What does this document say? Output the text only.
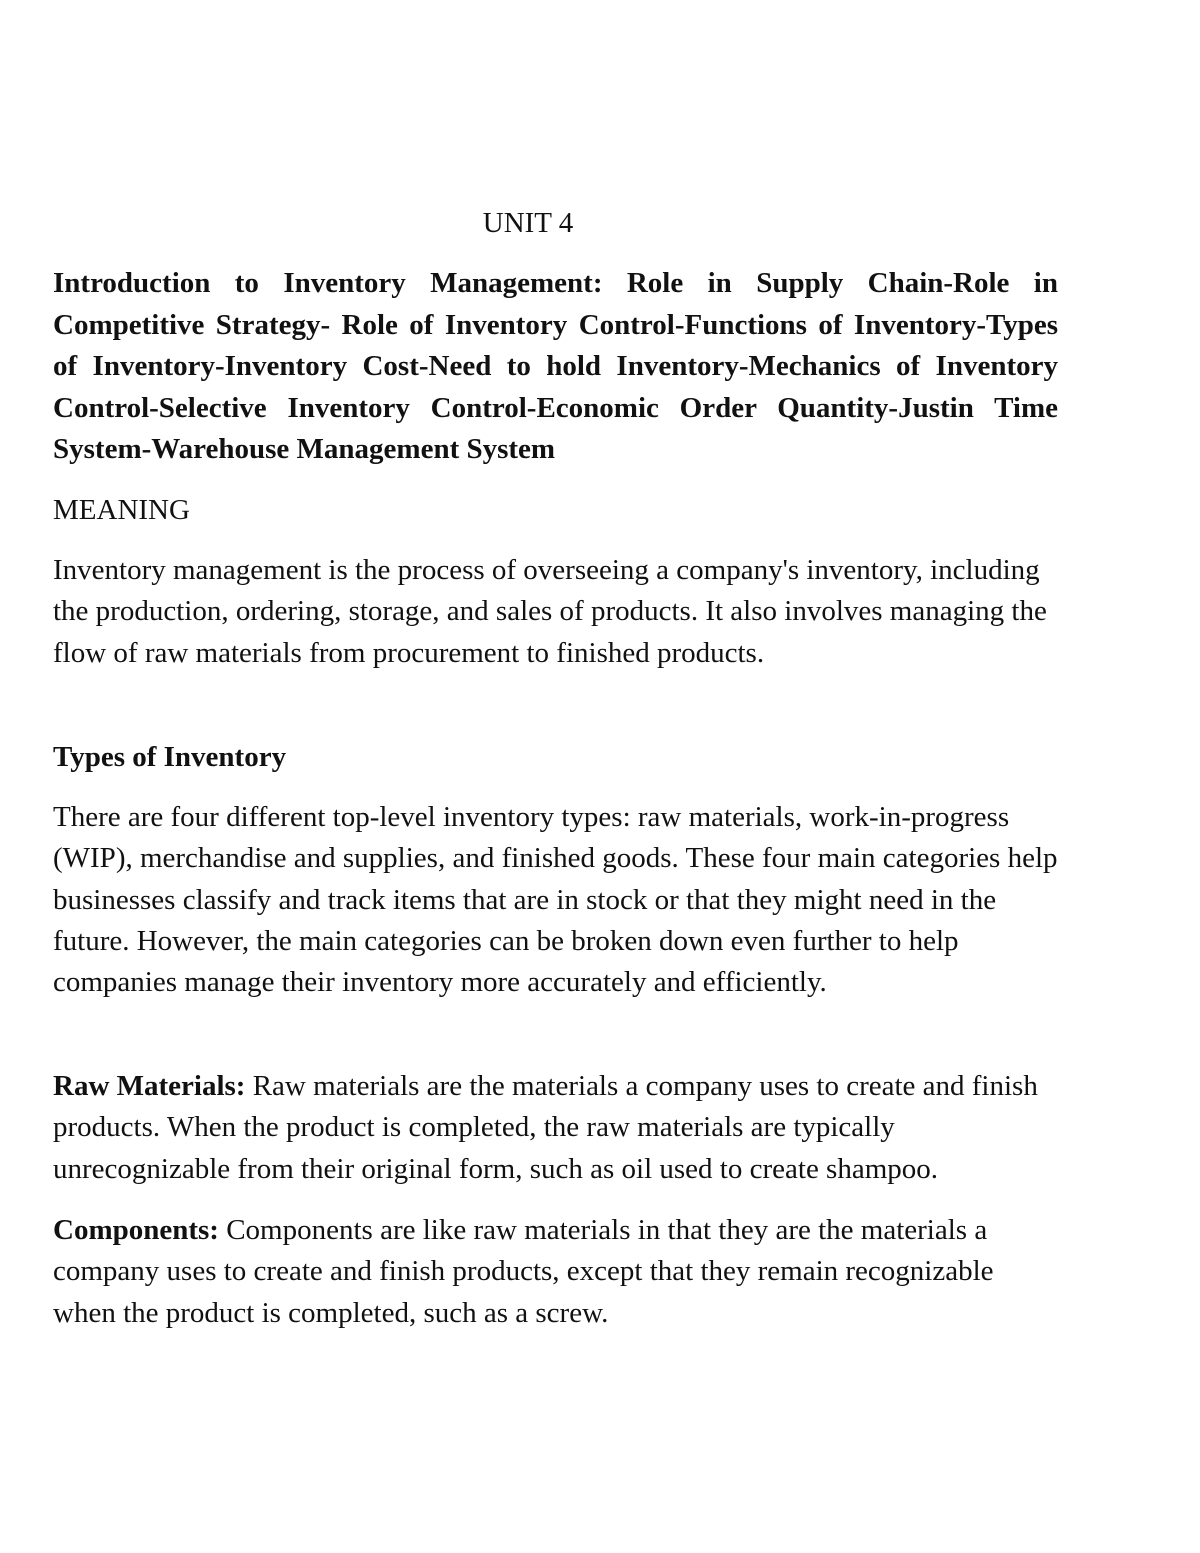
UNIT 4

Introduction to Inventory Management: Role in Supply Chain-Role in Competitive Strategy- Role of Inventory Control-Functions of Inventory-Types of Inventory-Inventory Cost-Need to hold Inventory-Mechanics of Inventory Control-Selective Inventory Control-Economic Order Quantity-Justin Time System-Warehouse Management System

MEANING

Inventory management is the process of overseeing a company's inventory, including the production, ordering, storage, and sales of products. It also involves managing the flow of raw materials from procurement to finished products.

Types of Inventory

There are four different top-level inventory types: raw materials, work-in-progress (WIP), merchandise and supplies, and finished goods. These four main categories help businesses classify and track items that are in stock or that they might need in the future. However, the main categories can be broken down even further to help companies manage their inventory more accurately and efficiently.

Raw Materials: Raw materials are the materials a company uses to create and finish products. When the product is completed, the raw materials are typically unrecognizable from their original form, such as oil used to create shampoo.

Components: Components are like raw materials in that they are the materials a company uses to create and finish products, except that they remain recognizable when the product is completed, such as a screw.
